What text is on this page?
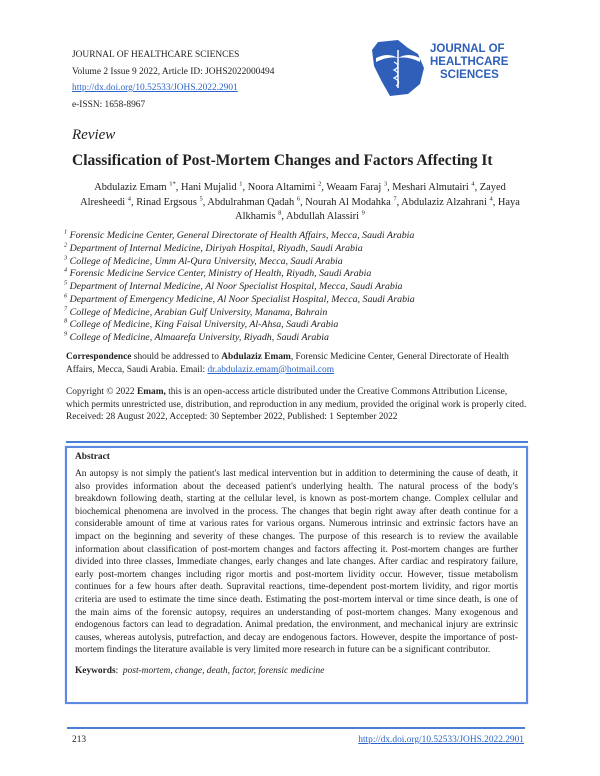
JOURNAL OF HEALTHCARE SCIENCES
Volume 2 Issue 9 2022, Article ID: JOHS2022000494
http://dx.doi.org/10.52533/JOHS.2022.2901
e-ISSN: 1658-8967
JOURNAL OF
HEALTHCARE
SCIENCES
Review
Classification of Post-Mortem Changes and Factors Affecting It
Abdulaziz Emam $^{1*}$, Hani Mujalid $^1$, Noora Altamimi $^2$, Weaam Faraj $^3$, Meshari Almutairi $^4$, Zayed
Alresheedi $^4$, Rinad Ergsous $^5$, Abdulrahman Qadah $^6$, Nourah Al Modahka $^7$, Abdulaziz Alzahrani $^4$, Haya
Alkhamis $^8$, Abdullah Alassiri $^9$
$^1$ Forensic Medicine Center, General Directorate of Health Affairs, Mecca, Saudi Arabia
$^2$ Department of Internal Medicine, Diriyah Hospital, Riyadh, Saudi Arabia
$^3$ College of Medicine, Umm Al-Qura University, Mecca, Saudi Arabia
$^4$ Forensic Medicine Service Center, Ministry of Health, Riyadh, Saudi Arabia
$^5$ Department of Internal Medicine, Al Noor Specialist Hospital, Mecca, Saudi Arabia
$^6$ Department of Emergency Medicine, Al Noor Specialist Hospital, Mecca, Saudi Arabia
$^7$ College of Medicine, Arabian Gulf University, Manama, Bahrain
$^8$ College of Medicine, King Faisal University, Al-Ahsa, Saudi Arabia
$^9$ College of Medicine, Almaarefa University, Riyadh, Saudi Arabia
Correspondence should be addressed to Abdulaziz Emam, Forensic Medicine Center, General Directorate of Health Affairs, Mecca, Saudi Arabia. Email: dr.abdulaziz.emam@hotmail.com
Copyright © 2022 Emam, this is an open-access article distributed under the Creative Commons Attribution License, which permits unrestricted use, distribution, and reproduction in any medium, provided the original work is properly cited.
Received: 28 August 2022, Accepted: 30 September 2022, Published: 1 September 2022
Abstract
An autopsy is not simply the patient's last medical intervention but in addition to determining the cause of death, it also provides information about the deceased patient's underlying health. The natural process of the body's breakdown following death, starting at the cellular level, is known as post-mortem change. Complex cellular and biochemical phenomena are involved in the process. The changes that begin right away after death continue for a considerable amount of time at various rates for various organs. Numerous intrinsic and extrinsic factors have an impact on the beginning and severity of these changes. The purpose of this research is to review the available information about classification of post-mortem changes and factors affecting it. Post-mortem changes are further divided into three classes, Immediate changes, early changes and late changes. After cardiac and respiratory failure, early post-mortem changes including rigor mortis and post-mortem lividity occur. However, tissue metabolism continues for a few hours after death. Supravital reactions, time-dependent post-mortem lividity, and rigor mortis criteria are used to estimate the time since death. Estimating the post-mortem interval or time since death, is one of the main aims of the forensic autopsy, requires an understanding of post-mortem changes. Many exogenous and endogenous factors can lead to degradation. Animal predation, the environment, and mechanical injury are extrinsic causes, whereas autolysis, putrefaction, and decay are endogenous factors. However, despite the importance of post-mortem findings the literature available is very limited more research in future can be a significant contributor.
Keywords:  post-mortem, change, death, factor, forensic medicine
213	http://dx.doi.org/10.52533/JOHS.2022.2901
